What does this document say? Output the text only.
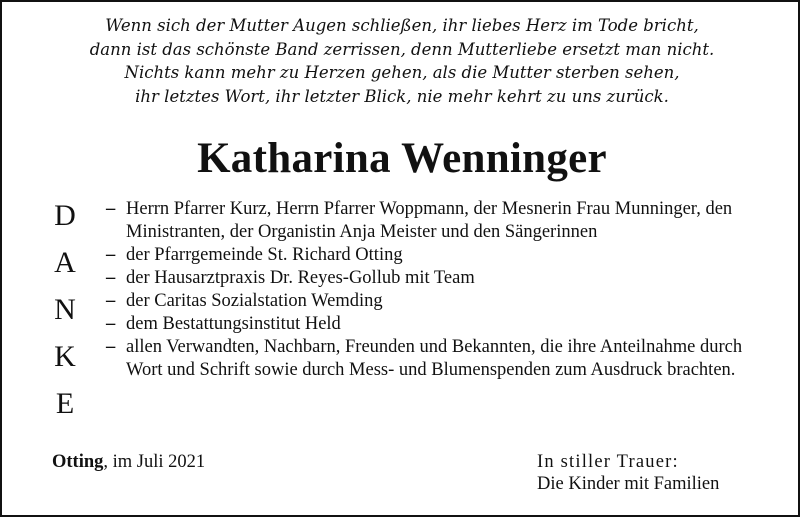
Wenn sich der Mutter Augen schließen, ihr liebes Herz im Tode bricht,
dann ist das schönste Band zerrissen, denn Mutterliebe ersetzt man nicht.
Nichts kann mehr zu Herzen gehen, als die Mutter sterben sehen,
ihr letztes Wort, ihr letzter Blick, nie mehr kehrt zu uns zurück.
Katharina Wenninger
D
A
N
K
E
– Herrn Pfarrer Kurz, Herrn Pfarrer Woppmann, der Mesnerin Frau Munninger, den Ministranten, der Organistin Anja Meister und den Sängerinnen
– der Pfarrgemeinde St. Richard Otting
– der Hausarztpraxis Dr. Reyes-Gollub mit Team
– der Caritas Sozialstation Wemding
– dem Bestattungsinstitut Held
– allen Verwandten, Nachbarn, Freunden und Bekannten, die ihre Anteilnahme durch Wort und Schrift sowie durch Mess- und Blumenspenden zum Ausdruck brachten.
Otting, im Juli 2021	In stiller Trauer:
Die Kinder mit Familien
